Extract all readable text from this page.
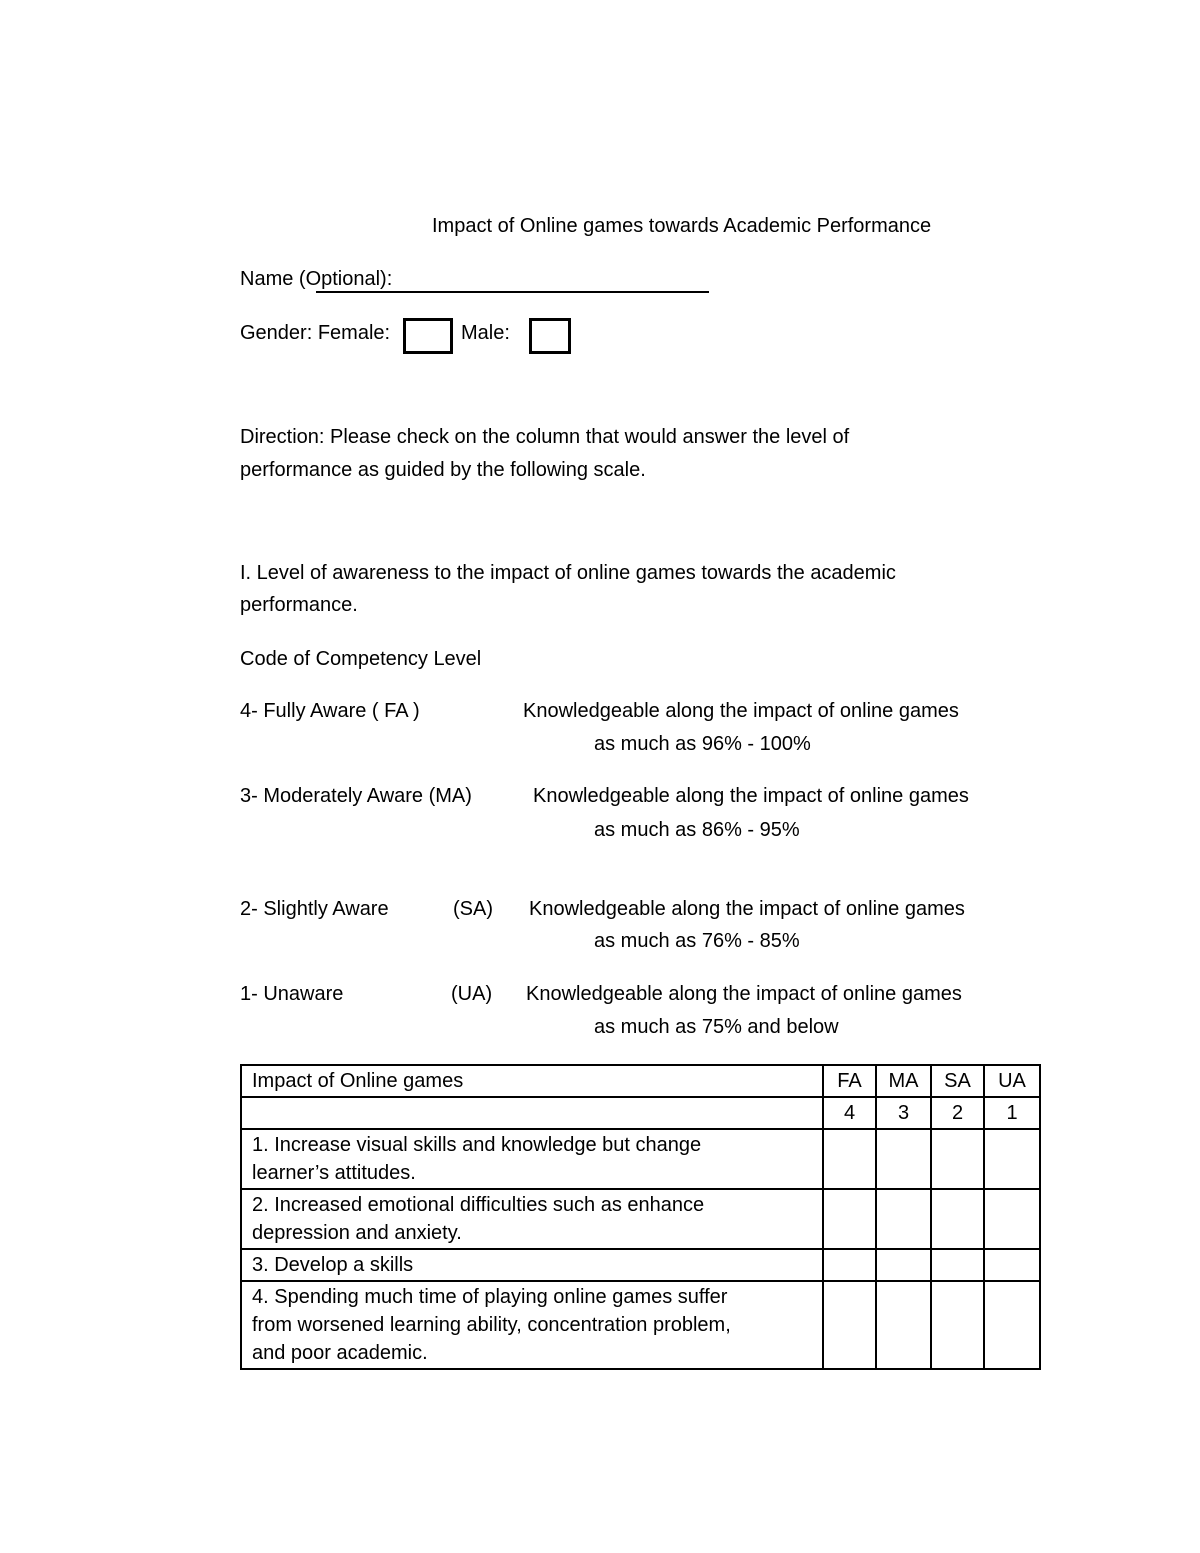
Impact of Online games towards Academic Performance
Name (Optional):
Gender: Female:	Male:
Direction: Please check on the column that would answer the level of
performance as guided by the following scale.
I. Level of awareness to the impact of online games towards the academic
performance.
Code of Competency Level
4- Fully Aware ( FA )	Knowledgeable along the impact of online games
as much as 96% - 100%
3- Moderately Aware (MA)	Knowledgeable along the impact of online games
as much as 86% - 95%
2- Slightly Aware	(SA) Knowledgeable along the impact of online games
as much as 76% - 85%
1- Unaware	(UA) Knowledgeable along the impact of online games
as much as 75% and below
Impact of Online games	FA	MA	SA	UA
	4	3	2	1

1. Increase visual skills and knowledge but change
learner’s attitudes.				

2. Increased emotional difficulties such as enhance
depression and anxiety.				

3. Develop a skills				

4. Spending much time of playing online games suffer
from worsened learning ability, concentration problem,
and poor academic.				
